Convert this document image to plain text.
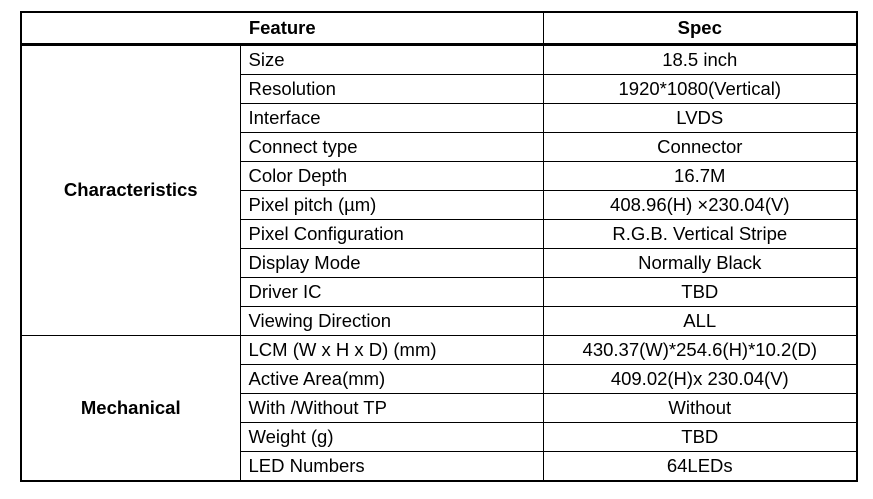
Feature		Spec
Characteristics	Size	18.5 inch
	Resolution	1920*1080(Vertical)
	Interface	LVDS
	Connect type	Connector
	Color Depth	16.7M
	Pixel pitch (µm)	408.96(H) ×230.04(V)
	Pixel Configuration	R.G.B. Vertical Stripe
	Display Mode	Normally Black
	Driver IC	TBD
	Viewing Direction	ALL
Mechanical	LCM (W x H x D) (mm)	430.37(W)*254.6(H)*10.2(D)
	Active Area(mm)	409.02(H)x 230.04(V)
	With /Without TP	Without
	Weight (g)	TBD
	LED Numbers	64LEDs
